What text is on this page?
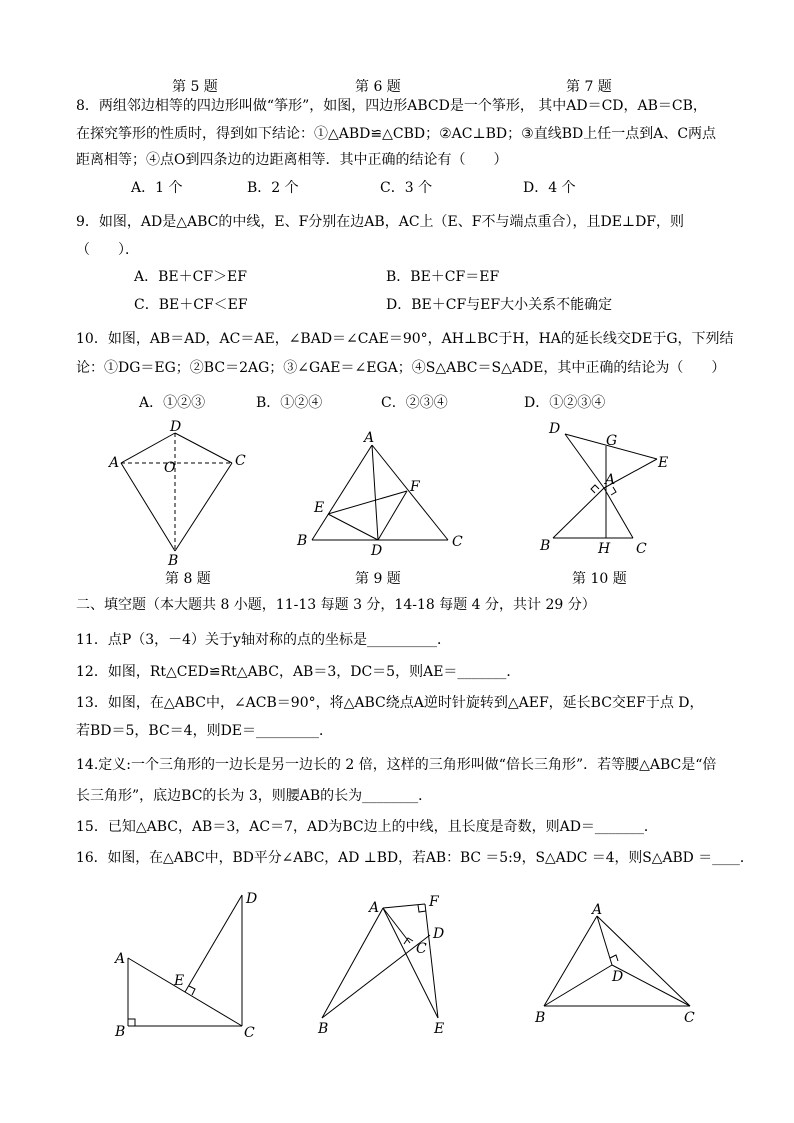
第 5 题	第 6 题	第 7 题
8．两组邻边相等的四边形叫做“筝形”，如图，四边形ABCD是一个筝形， 其中AD＝CD，AB＝CB，
在探究筝形的性质时，得到如下结论：①△ABD≌△CBD；②AC⊥BD；③直线BD上任一点到A、C两点
距离相等；④点O到四条边的边距离相等．其中正确的结论有（　　）
A．1 个	B．2 个	C．3 个	D．4 个
9．如图，AD是△ABC的中线，E、F分别在边AB，AC上（E、F不与端点重合），且DE⊥DF，则
（　　）．
A．BE＋CF＞EF	B．BE＋CF＝EF
C．BE＋CF＜EF	D．BE＋CF与EF大小关系不能确定
10．如图，AB＝AD，AC＝AE，∠BAD＝∠CAE＝90°，AH⊥BC于H，HA的延长线交DE于G，下列结
论：①DG＝EG；②BC＝2AG；③∠GAE＝∠EGA；④S△ABC＝S△ADE，其中正确的结论为（　　）
A．①②③	B．①②④	C．②③④	D．①②③④
D
A	O	C
B
第 8 题
A
F
E
B
D
C
第 9 题
D
G
E
A
B	H C
第 10 题
D
A
E
B	C
A	F
D
C
B	E
A
D
B	C
二、填空题（本大题共 8 小题，11-13 每题 3 分，14-18 每题 4 分，共计 29 分）
11．点P（3，－4）关于y轴对称的点的坐标是__________．
12．如图，Rt△CED≌Rt△ABC，AB＝3，DC＝5，则AE＝_______．
13．如图，在△ABC中，∠ACB＝90°，将△ABC绕点A逆时针旋转到△AEF，延长BC交EF于点 D，
若BD＝5，BC＝4，则DE＝_________．
14.定义:一个三角形的一边长是另一边长的 2 倍，这样的三角形叫做“倍长三角形”．若等腰△ABC是“倍
长三角形”，底边BC的长为 3，则腰AB的长为________．
15．已知△ABC，AB＝3，AC＝7，AD为BC边上的中线，且长度是奇数，则AD＝_______．
16．如图，在△ABC中，BD平分∠ABC，AD ⊥BD，若AB：BC ＝5:9，S△ADC ＝4，则S△ABD ＝____．
